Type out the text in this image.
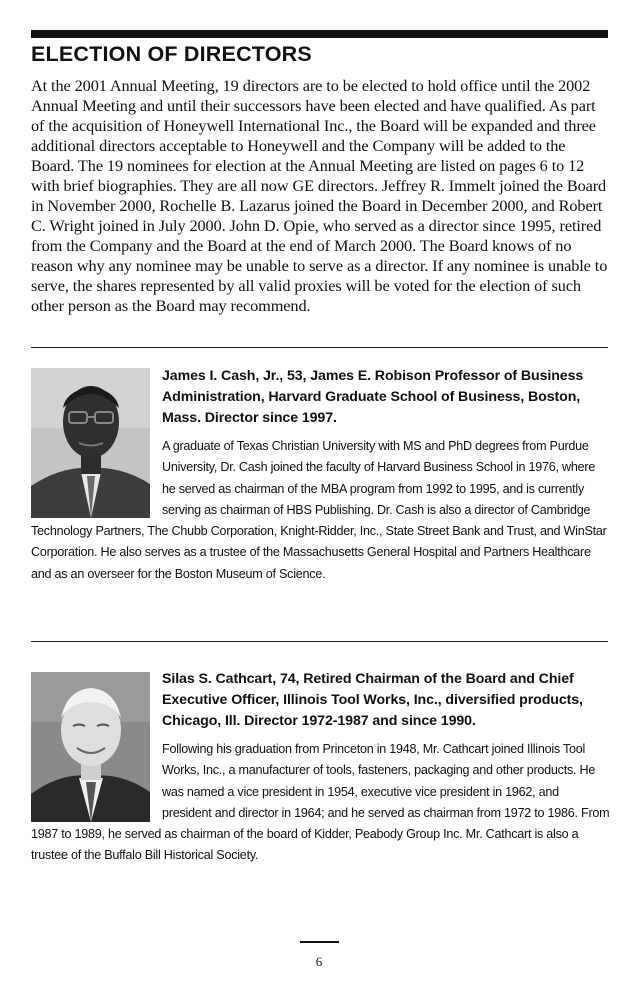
ELECTION OF DIRECTORS

At the 2001 Annual Meeting, 19 directors are to be elected to hold office until the 2002 Annual Meeting and until their successors have been elected and have qualified. As part of the acquisition of Honeywell International Inc., the Board will be expanded and three additional directors acceptable to Honeywell and the Company will be added to the Board. The 19 nominees for election at the Annual Meeting are listed on pages 6 to 12 with brief biographies. They are all now GE directors. Jeffrey R. Immelt joined the Board in November 2000, Rochelle B. Lazarus joined the Board in December 2000, and Robert C. Wright joined in July 2000. John D. Opie, who served as a director since 1995, retired from the Company and the Board at the end of March 2000. The Board knows of no reason why any nominee may be unable to serve as a director. If any nominee is unable to serve, the shares represented by all valid proxies will be voted for the election of such other person as the Board may recommend.

James I. Cash, Jr., 53, James E. Robison Professor of Business Administration, Harvard Graduate School of Business, Boston, Mass. Director since 1997.

A graduate of Texas Christian University with MS and PhD degrees from Purdue University, Dr. Cash joined the faculty of Harvard Business School in 1976, where he served as chairman of the MBA program from 1992 to 1995, and is currently serving as chairman of HBS Publishing. Dr. Cash is also a director of Cambridge Technology Partners, The Chubb Corporation, Knight-Ridder, Inc., State Street Bank and Trust, and WinStar Corporation. He also serves as a trustee of the Massachusetts General Hospital and Partners Healthcare and as an overseer for the Boston Museum of Science.

Silas S. Cathcart, 74, Retired Chairman of the Board and Chief Executive Officer, Illinois Tool Works, Inc., diversified products, Chicago, Ill. Director 1972-1987 and since 1990.

Following his graduation from Princeton in 1948, Mr. Cathcart joined Illinois Tool Works, Inc., a manufacturer of tools, fasteners, packaging and other products. He was named a vice president in 1954, executive vice president in 1962, and president and director in 1964; and he served as chairman from 1972 to 1986. From 1987 to 1989, he served as chairman of the board of Kidder, Peabody Group Inc. Mr. Cathcart is also a trustee of the Buffalo Bill Historical Society.

6
